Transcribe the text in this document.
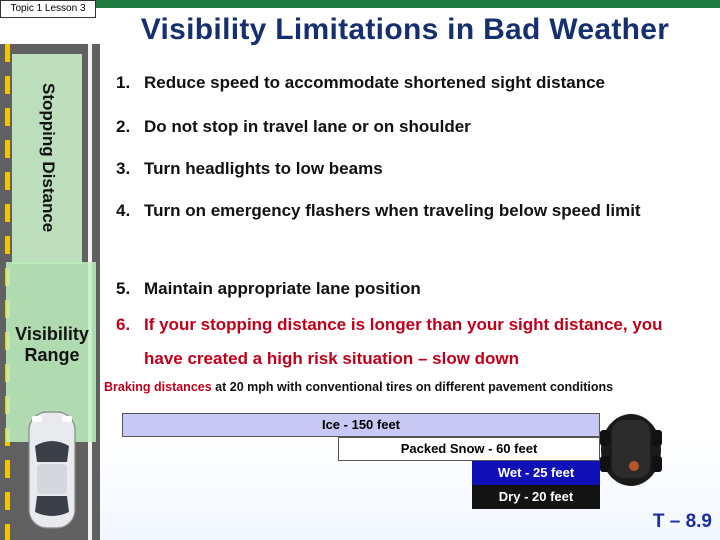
Topic 1 Lesson 3
Visibility Limitations in Bad Weather
Stopping Distance
Visibility
Range
1. Reduce speed to accommodate shortened sight distance
2. Do not stop in travel lane or on shoulder
3. Turn headlights to low beams
4. Turn on emergency flashers when traveling below speed limit
5. Maintain appropriate lane position
6. If your stopping distance is longer than your sight distance, you have created a high risk situation – slow down
Braking distances at 20 mph with conventional tires on different pavement conditions
Ice - 150 feet
Packed Snow - 60 feet
Wet - 25 feet
Dry - 20 feet
T – 8.9
